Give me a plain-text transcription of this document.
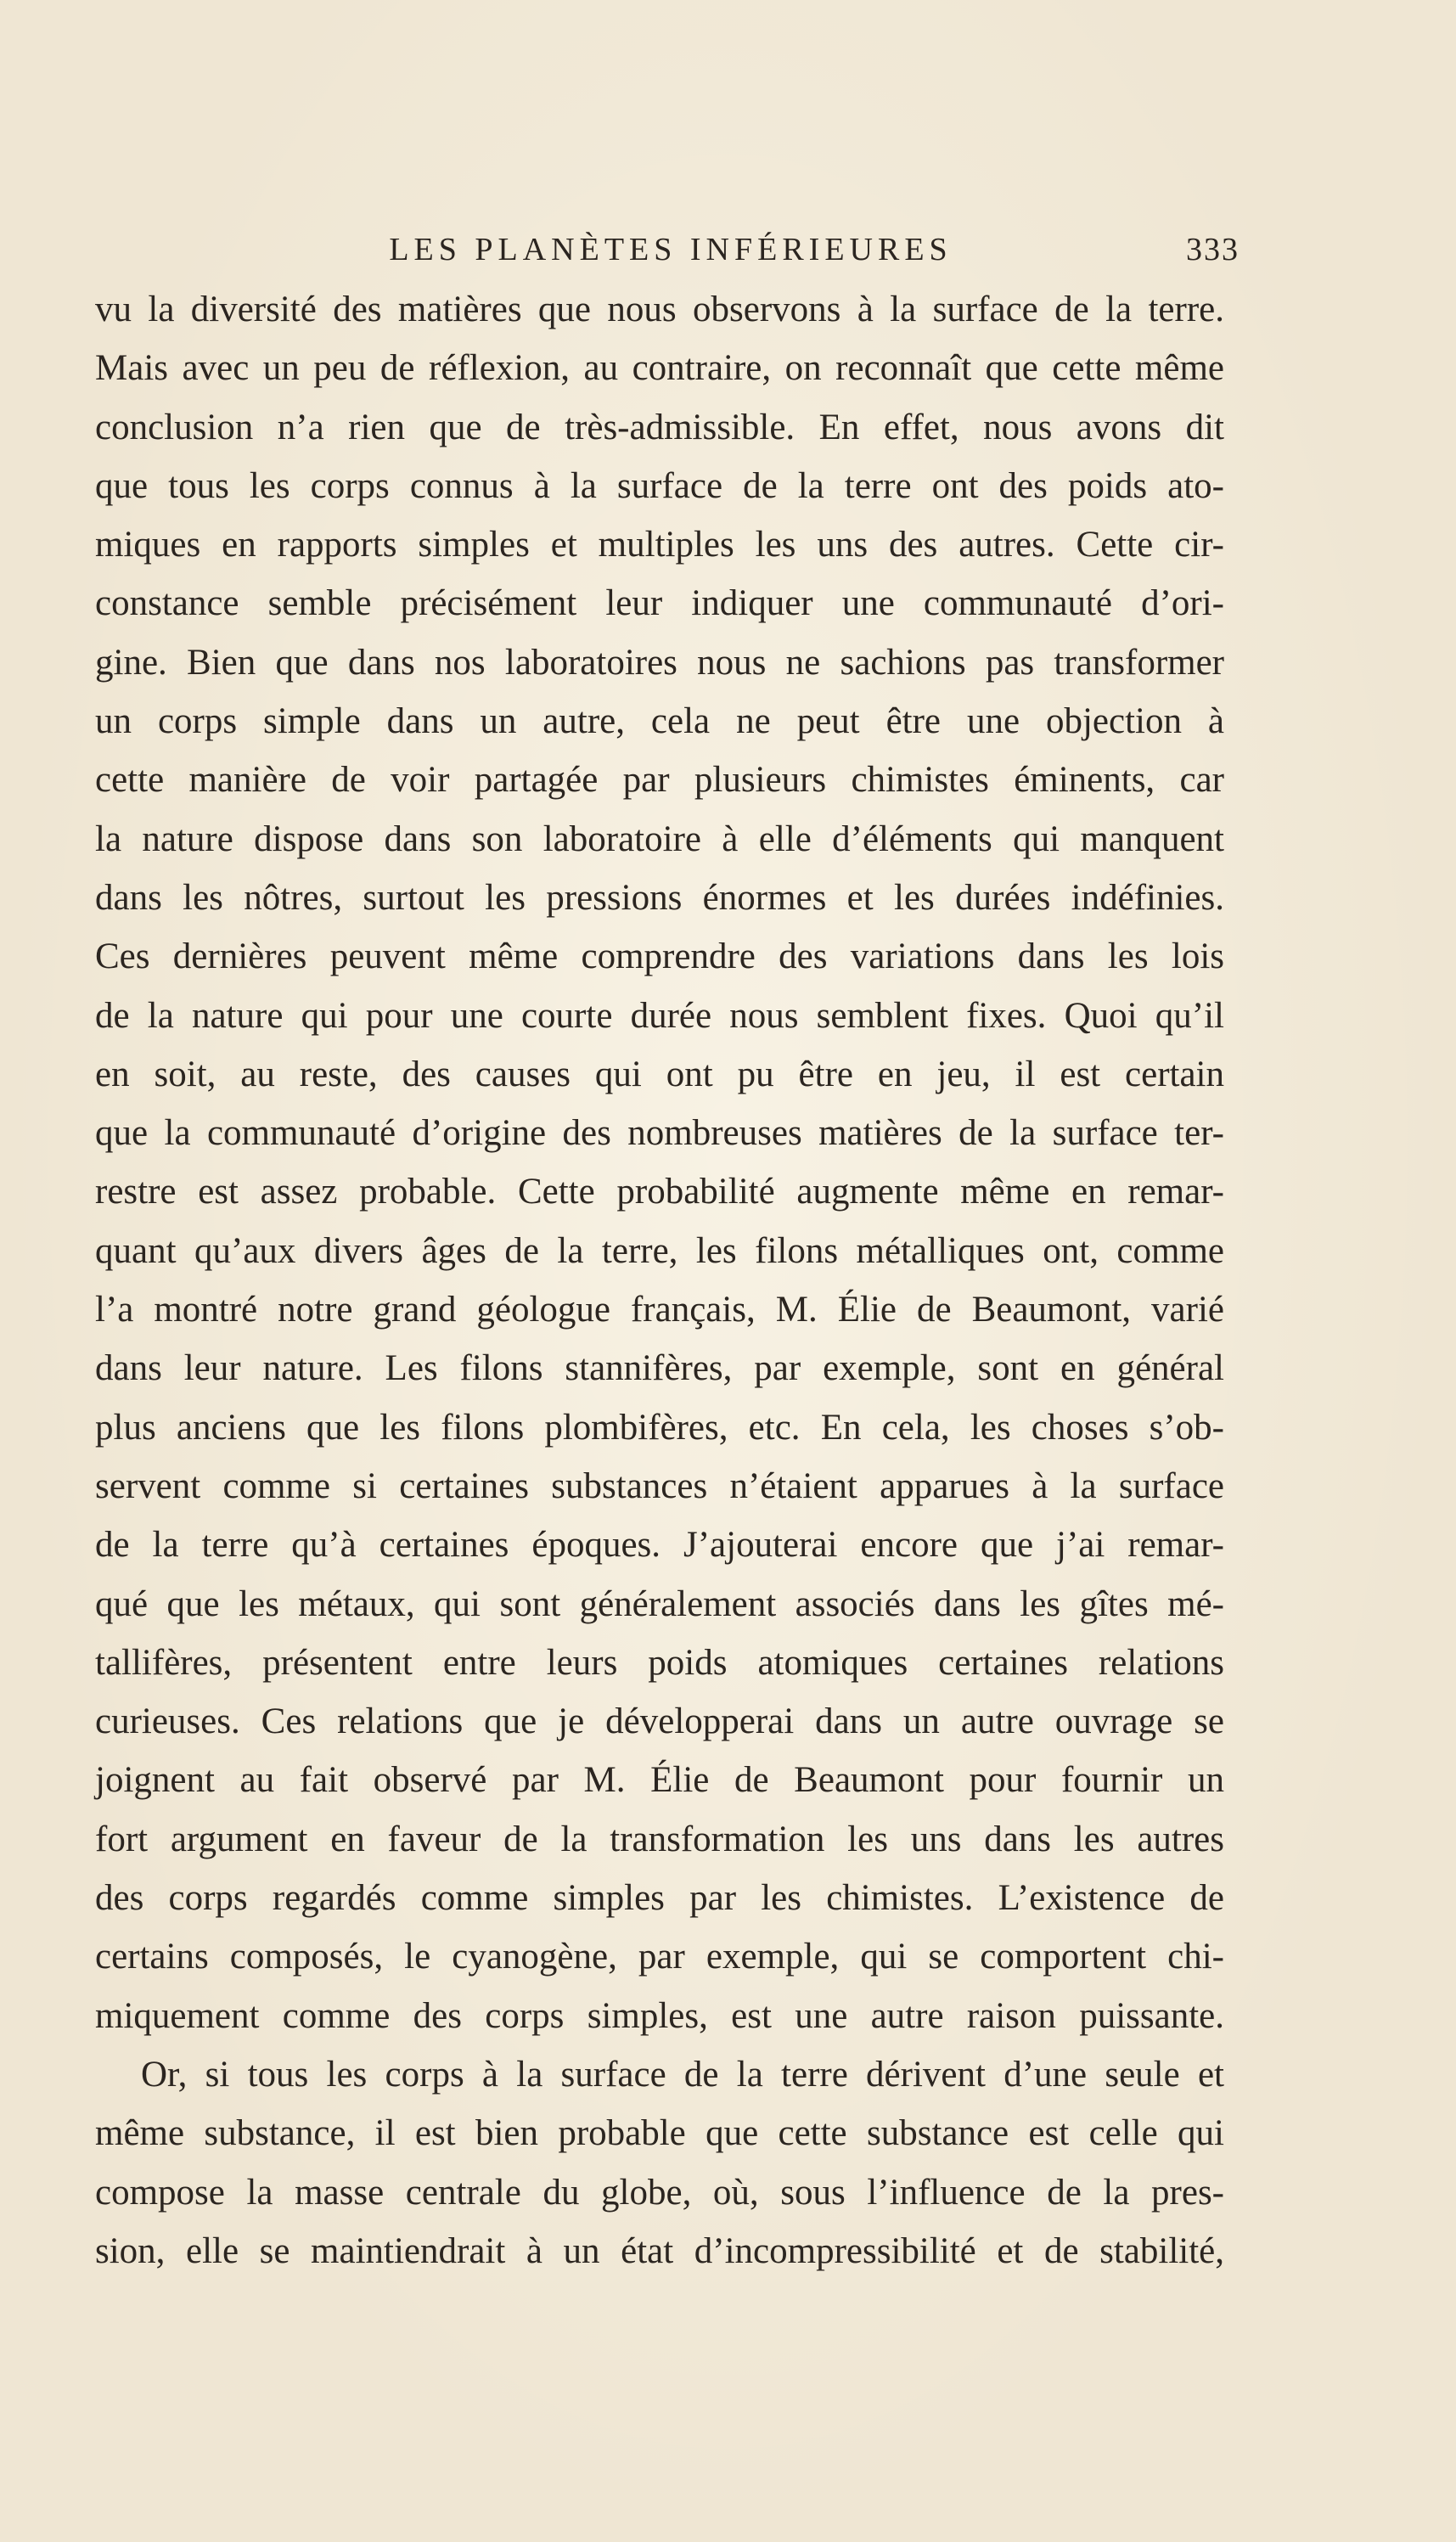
LES PLANÈTES INFÉRIEURES	333
vu la diversité des matières que nous observons à la surface de la terre.
Mais avec un peu de réflexion, au contraire, on reconnaît que cette même
conclusion n’a rien que de très-admissible. En effet, nous avons dit
que tous les corps connus à la surface de la terre ont des poids ato-
miques en rapports simples et multiples les uns des autres. Cette cir-
constance semble précisément leur indiquer une communauté d’ori-
gine. Bien que dans nos laboratoires nous ne sachions pas transformer
un corps simple dans un autre, cela ne peut être une objection à
cette manière de voir partagée par plusieurs chimistes éminents, car
la nature dispose dans son laboratoire à elle d’éléments qui manquent
dans les nôtres, surtout les pressions énormes et les durées indéfinies.
Ces dernières peuvent même comprendre des variations dans les lois
de la nature qui pour une courte durée nous semblent fixes. Quoi qu’il
en soit, au reste, des causes qui ont pu être en jeu, il est certain
que la communauté d’origine des nombreuses matières de la surface ter-
restre est assez probable. Cette probabilité augmente même en remar-
quant qu’aux divers âges de la terre, les filons métalliques ont, comme
l’a montré notre grand géologue français, M. Élie de Beaumont, varié
dans leur nature. Les filons stannifères, par exemple, sont en général
plus anciens que les filons plombifères, etc. En cela, les choses s’ob-
servent comme si certaines substances n’étaient apparues à la surface
de la terre qu’à certaines époques. J’ajouterai encore que j’ai remar-
qué que les métaux, qui sont généralement associés dans les gîtes mé-
tallifères, présentent entre leurs poids atomiques certaines relations
curieuses. Ces relations que je développerai dans un autre ouvrage se
joignent au fait observé par M. Élie de Beaumont pour fournir un
fort argument en faveur de la transformation les uns dans les autres
des corps regardés comme simples par les chimistes. L’existence de
certains composés, le cyanogène, par exemple, qui se comportent chi-
miquement comme des corps simples, est une autre raison puissante.
Or, si tous les corps à la surface de la terre dérivent d’une seule et
même substance, il est bien probable que cette substance est celle qui
compose la masse centrale du globe, où, sous l’influence de la pres-
sion, elle se maintiendrait à un état d’incompressibilité et de stabilité,
